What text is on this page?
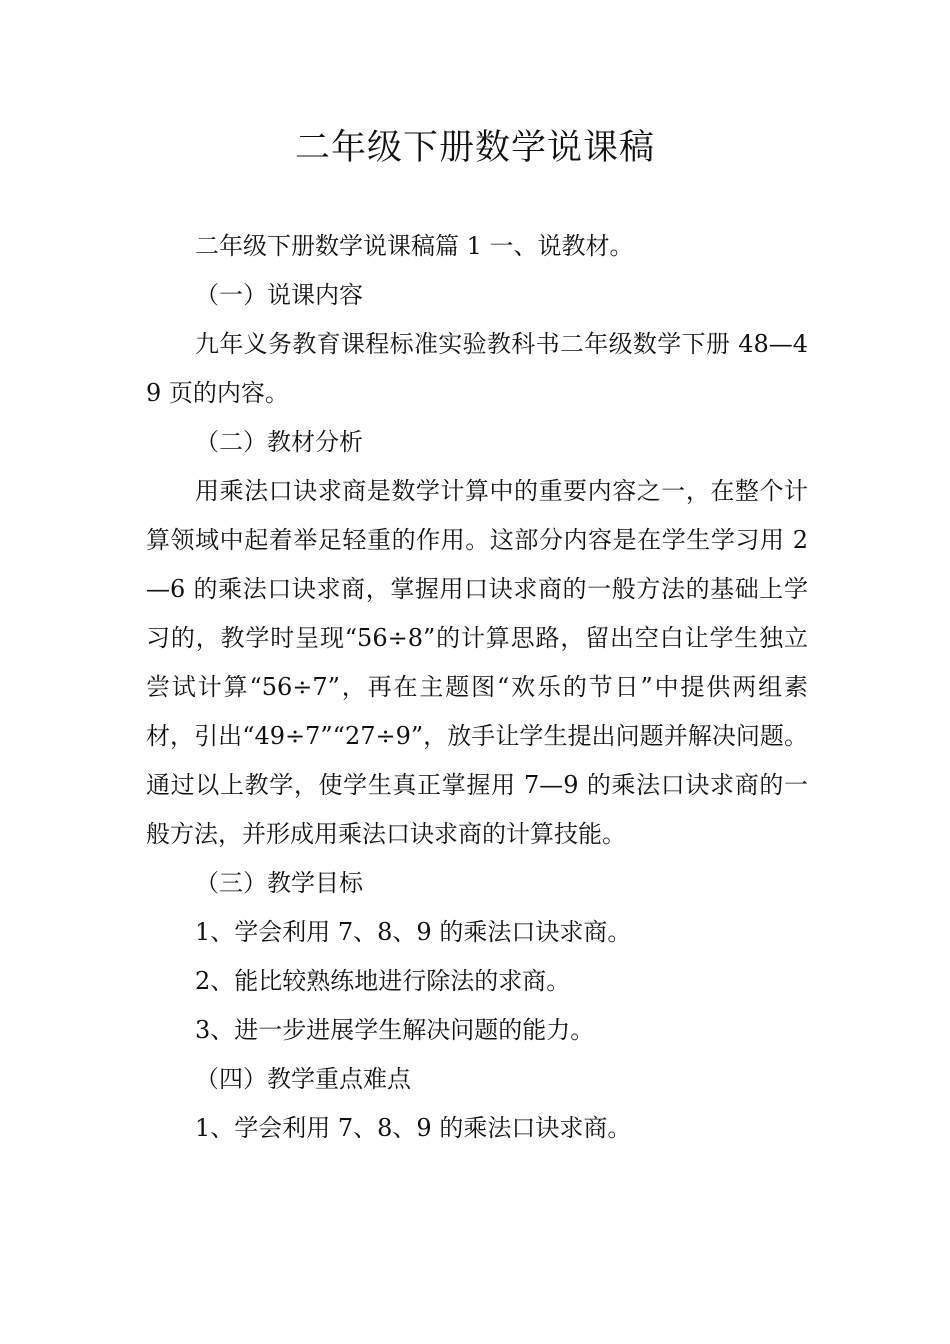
二年级下册数学说课稿

二年级下册数学说课稿篇 1 一、说教材。

（一）说课内容

九年义务教育课程标准实验教科书二年级数学下册 48—49 页的内容。

（二）教材分析

用乘法口诀求商是数学计算中的重要内容之一，在整个计算领域中起着举足轻重的作用。这部分内容是在学生学习用 2—6 的乘法口诀求商，掌握用口诀求商的一般方法的基础上学习的，教学时呈现“56÷8”的计算思路，留出空白让学生独立尝试计算“56÷7”，再在主题图“欢乐的节日”中提供两组素材，引出“49÷7”“27÷9”，放手让学生提出问题并解决问题。通过以上教学，使学生真正掌握用 7—9 的乘法口诀求商的一般方法，并形成用乘法口诀求商的计算技能。

（三）教学目标

1、学会利用 7、8、9 的乘法口诀求商。

2、能比较熟练地进行除法的求商。

3、进一步进展学生解决问题的能力。

（四）教学重点难点

1、学会利用 7、8、9 的乘法口诀求商。
